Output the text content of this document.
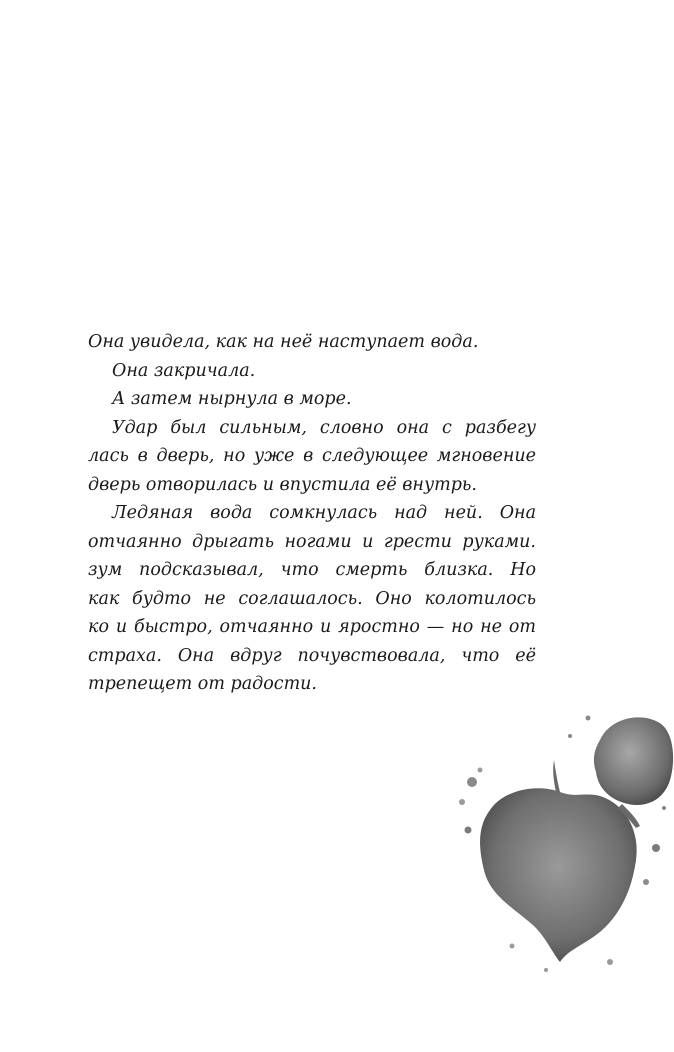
Она увидела, как на неё наступает вода.
Она закричала.
А затем нырнула в море.
Удар был сильным, словно она с разбегу
лась в дверь, но уже в следующее мгновение
дверь отворилась и впустила её внутрь.
Ледяная вода сомкнулась над ней. Она
отчаянно дрыгать ногами и грести руками.
зум подсказывал, что смерть близка. Но
как будто не соглашалось. Оно колотилось
ко и быстро, отчаянно и яростно — но не от
страха. Она вдруг почувствовала, что её
трепещет от радости.
